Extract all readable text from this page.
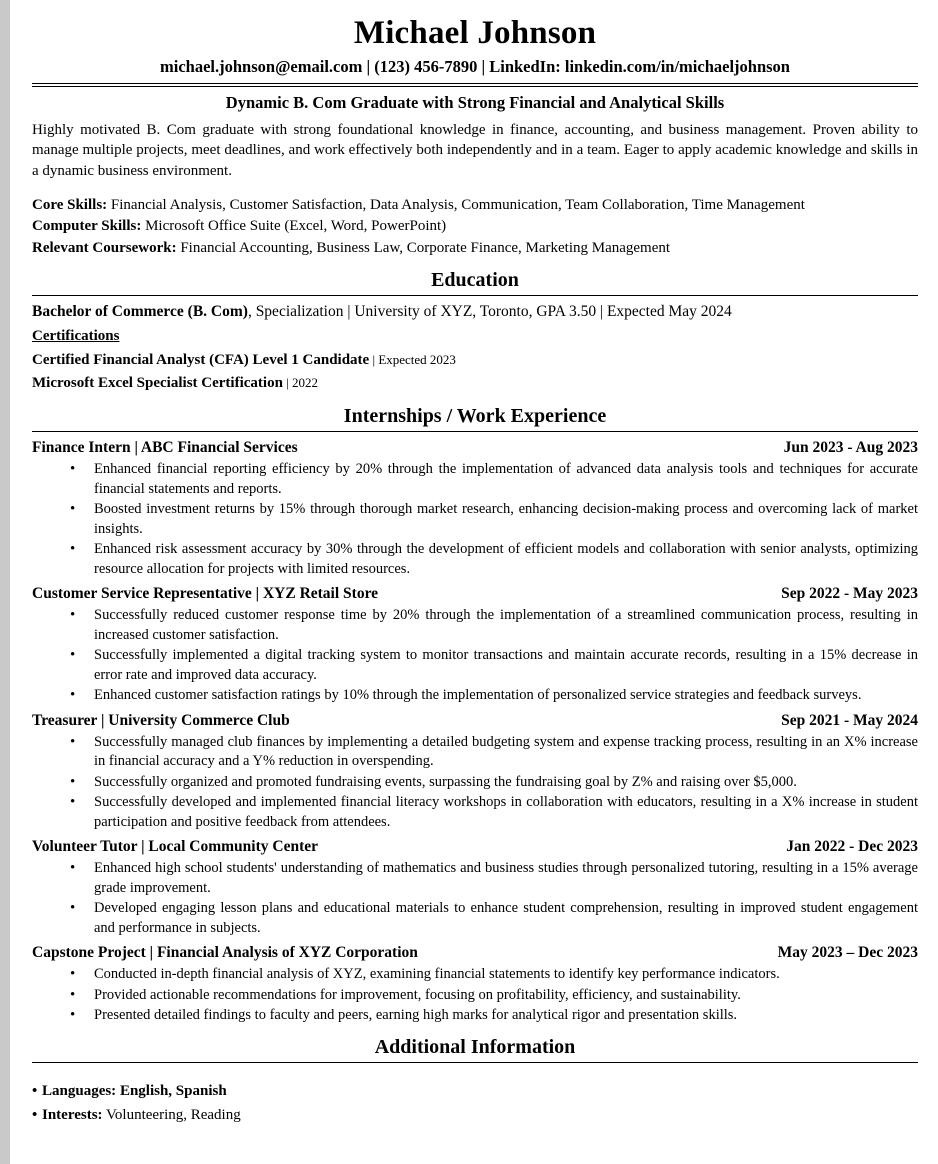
Michael Johnson
michael.johnson@email.com | (123) 456-7890 | LinkedIn: linkedin.com/in/michaeljohnson
Dynamic B. Com Graduate with Strong Financial and Analytical Skills

Highly motivated B. Com graduate with strong foundational knowledge in finance, accounting, and business management. Proven ability to manage multiple projects, meet deadlines, and work effectively both independently and in a team. Eager to apply academic knowledge and skills in a dynamic business environment.

Core Skills: Financial Analysis, Customer Satisfaction, Data Analysis, Communication, Team Collaboration, Time Management
Computer Skills: Microsoft Office Suite (Excel, Word, PowerPoint)
Relevant Coursework: Financial Accounting, Business Law, Corporate Finance, Marketing Management
Education
Bachelor of Commerce (B. Com), Specialization | University of XYZ, Toronto, GPA 3.50 | Expected May 2024
Certifications
Certified Financial Analyst (CFA) Level 1 Candidate | Expected 2023
Microsoft Excel Specialist Certification | 2022
Internships / Work Experience
Finance Intern | ABC Financial Services	Jun 2023 - Aug 2023
• Enhanced financial reporting efficiency by 20% through the implementation of advanced data analysis tools and techniques for accurate financial statements and reports.
• Boosted investment returns by 15% through thorough market research, enhancing decision-making process and overcoming lack of market insights.
• Enhanced risk assessment accuracy by 30% through the development of efficient models and collaboration with senior analysts, optimizing resource allocation for projects with limited resources.
Customer Service Representative | XYZ Retail Store	Sep 2022 - May 2023
• Successfully reduced customer response time by 20% through the implementation of a streamlined communication process, resulting in increased customer satisfaction.
• Successfully implemented a digital tracking system to monitor transactions and maintain accurate records, resulting in a 15% decrease in error rate and improved data accuracy.
• Enhanced customer satisfaction ratings by 10% through the implementation of personalized service strategies and feedback surveys.
Treasurer | University Commerce Club	Sep 2021 - May 2024
• Successfully managed club finances by implementing a detailed budgeting system and expense tracking process, resulting in an X% increase in financial accuracy and a Y% reduction in overspending.
• Successfully organized and promoted fundraising events, surpassing the fundraising goal by Z% and raising over $5,000.
• Successfully developed and implemented financial literacy workshops in collaboration with educators, resulting in a X% increase in student participation and positive feedback from attendees.
Volunteer Tutor | Local Community Center	Jan 2022 - Dec 2023
• Enhanced high school students' understanding of mathematics and business studies through personalized tutoring, resulting in a 15% average grade improvement.
• Developed engaging lesson plans and educational materials to enhance student comprehension, resulting in improved student engagement and performance in subjects.
Capstone Project | Financial Analysis of XYZ Corporation	May 2023 – Dec 2023
• Conducted in-depth financial analysis of XYZ, examining financial statements to identify key performance indicators.
• Provided actionable recommendations for improvement, focusing on profitability, efficiency, and sustainability.
• Presented detailed findings to faculty and peers, earning high marks for analytical rigor and presentation skills.
Additional Information
• Languages: English, Spanish
• Interests: Volunteering, Reading
